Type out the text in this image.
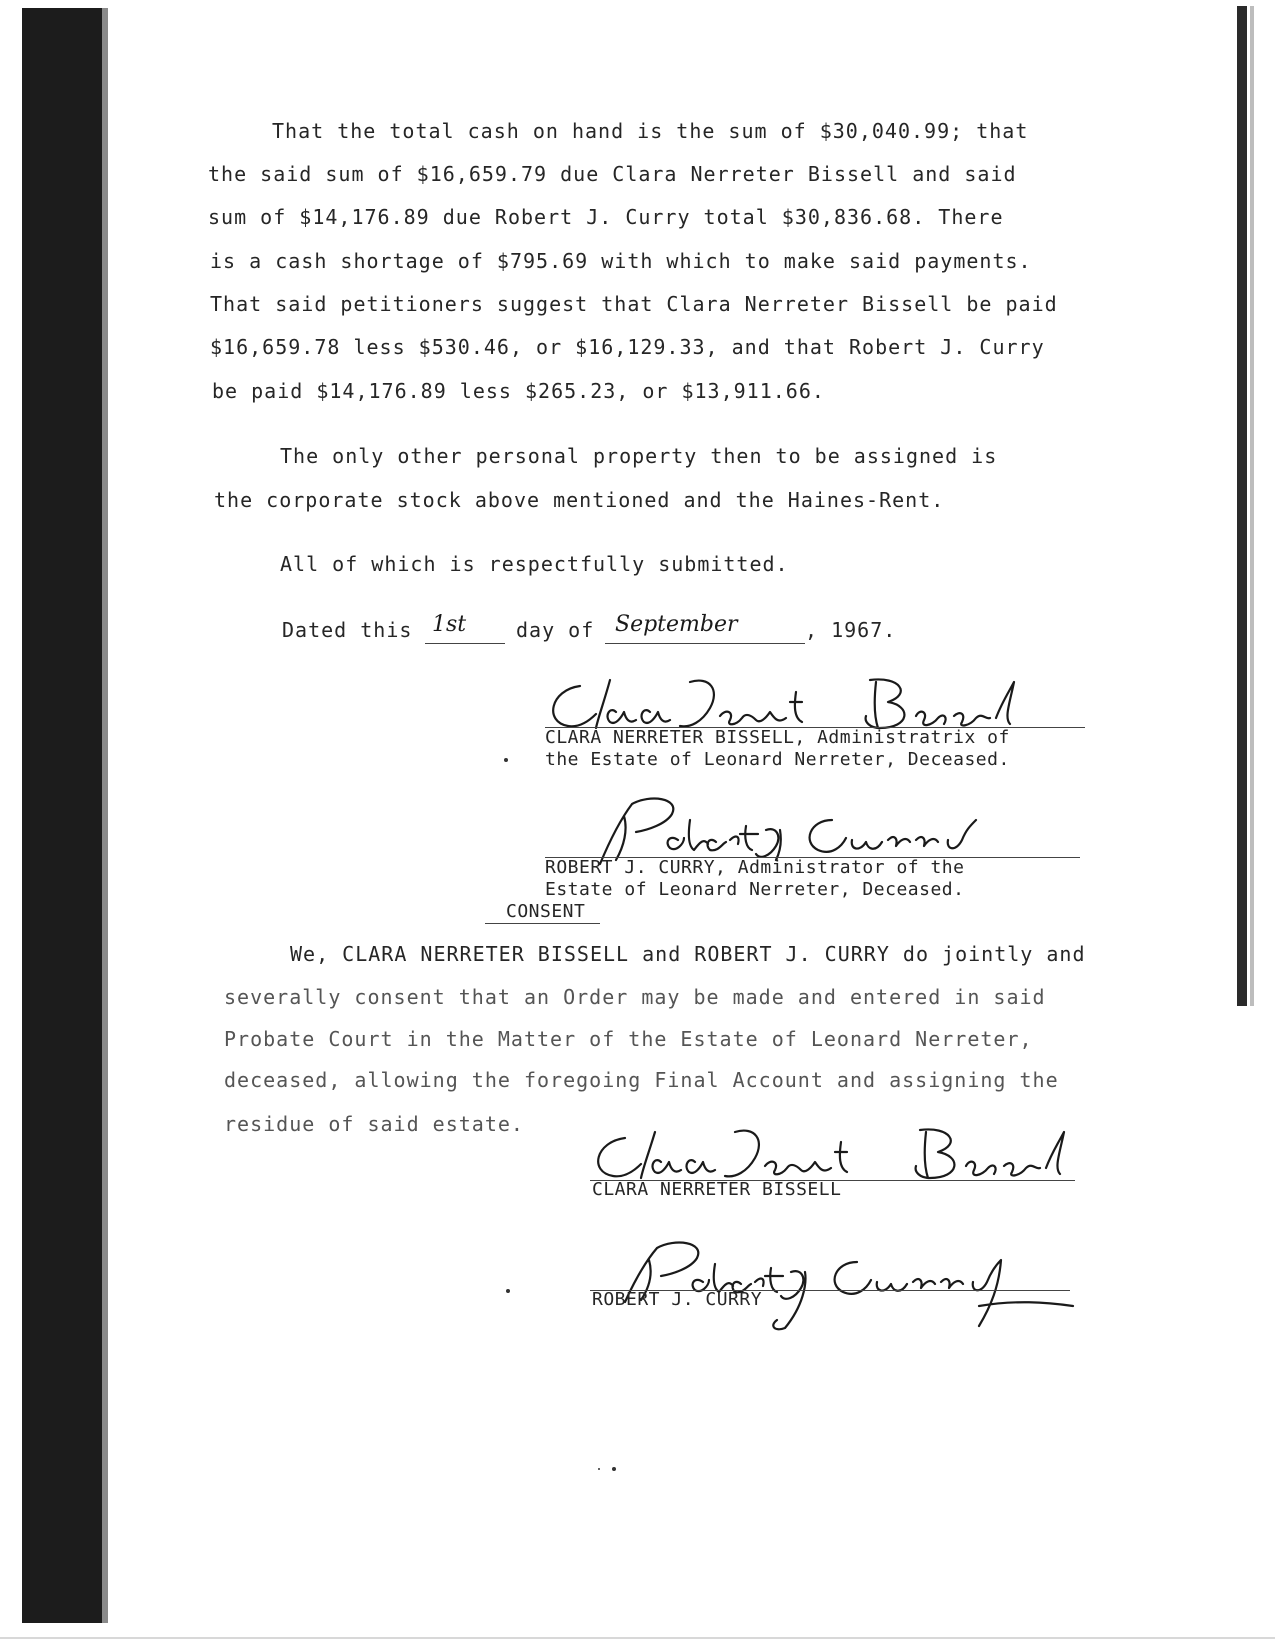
That the total cash on hand is the sum of $30,040.99; that
the said sum of $16,659.79 due Clara Nerreter Bissell and said
sum of $14,176.89 due Robert J. Curry total $30,836.68. There
is a cash shortage of $795.69 with which to make said payments.
That said petitioners suggest that Clara Nerreter Bissell be paid
$16,659.78 less $530.46, or $16,129.33, and that Robert J. Curry
be paid $14,176.89 less $265.23, or $13,911.66.
The only other personal property then to be assigned is
the corporate stock above mentioned and the Haines-Rent.
All of which is respectfully submitted.
Dated this 1st day of September	, 1967.
CLARA NERRETER BISSELL, Administratrix of
the Estate of Leonard Nerreter, Deceased.
ROBERT J. CURRY, Administrator of the
Estate of Leonard Nerreter, Deceased.
CONSENT
We, CLARA NERRETER BISSELL and ROBERT J. CURRY do jointly and
severally consent that an Order may be made and entered in said
Probate Court in the Matter of the Estate of Leonard Nerreter,
deceased, allowing the foregoing Final Account and assigning the
residue of said estate.
CLARA NERRETER BISSELL
ROBERT J. CURRY
